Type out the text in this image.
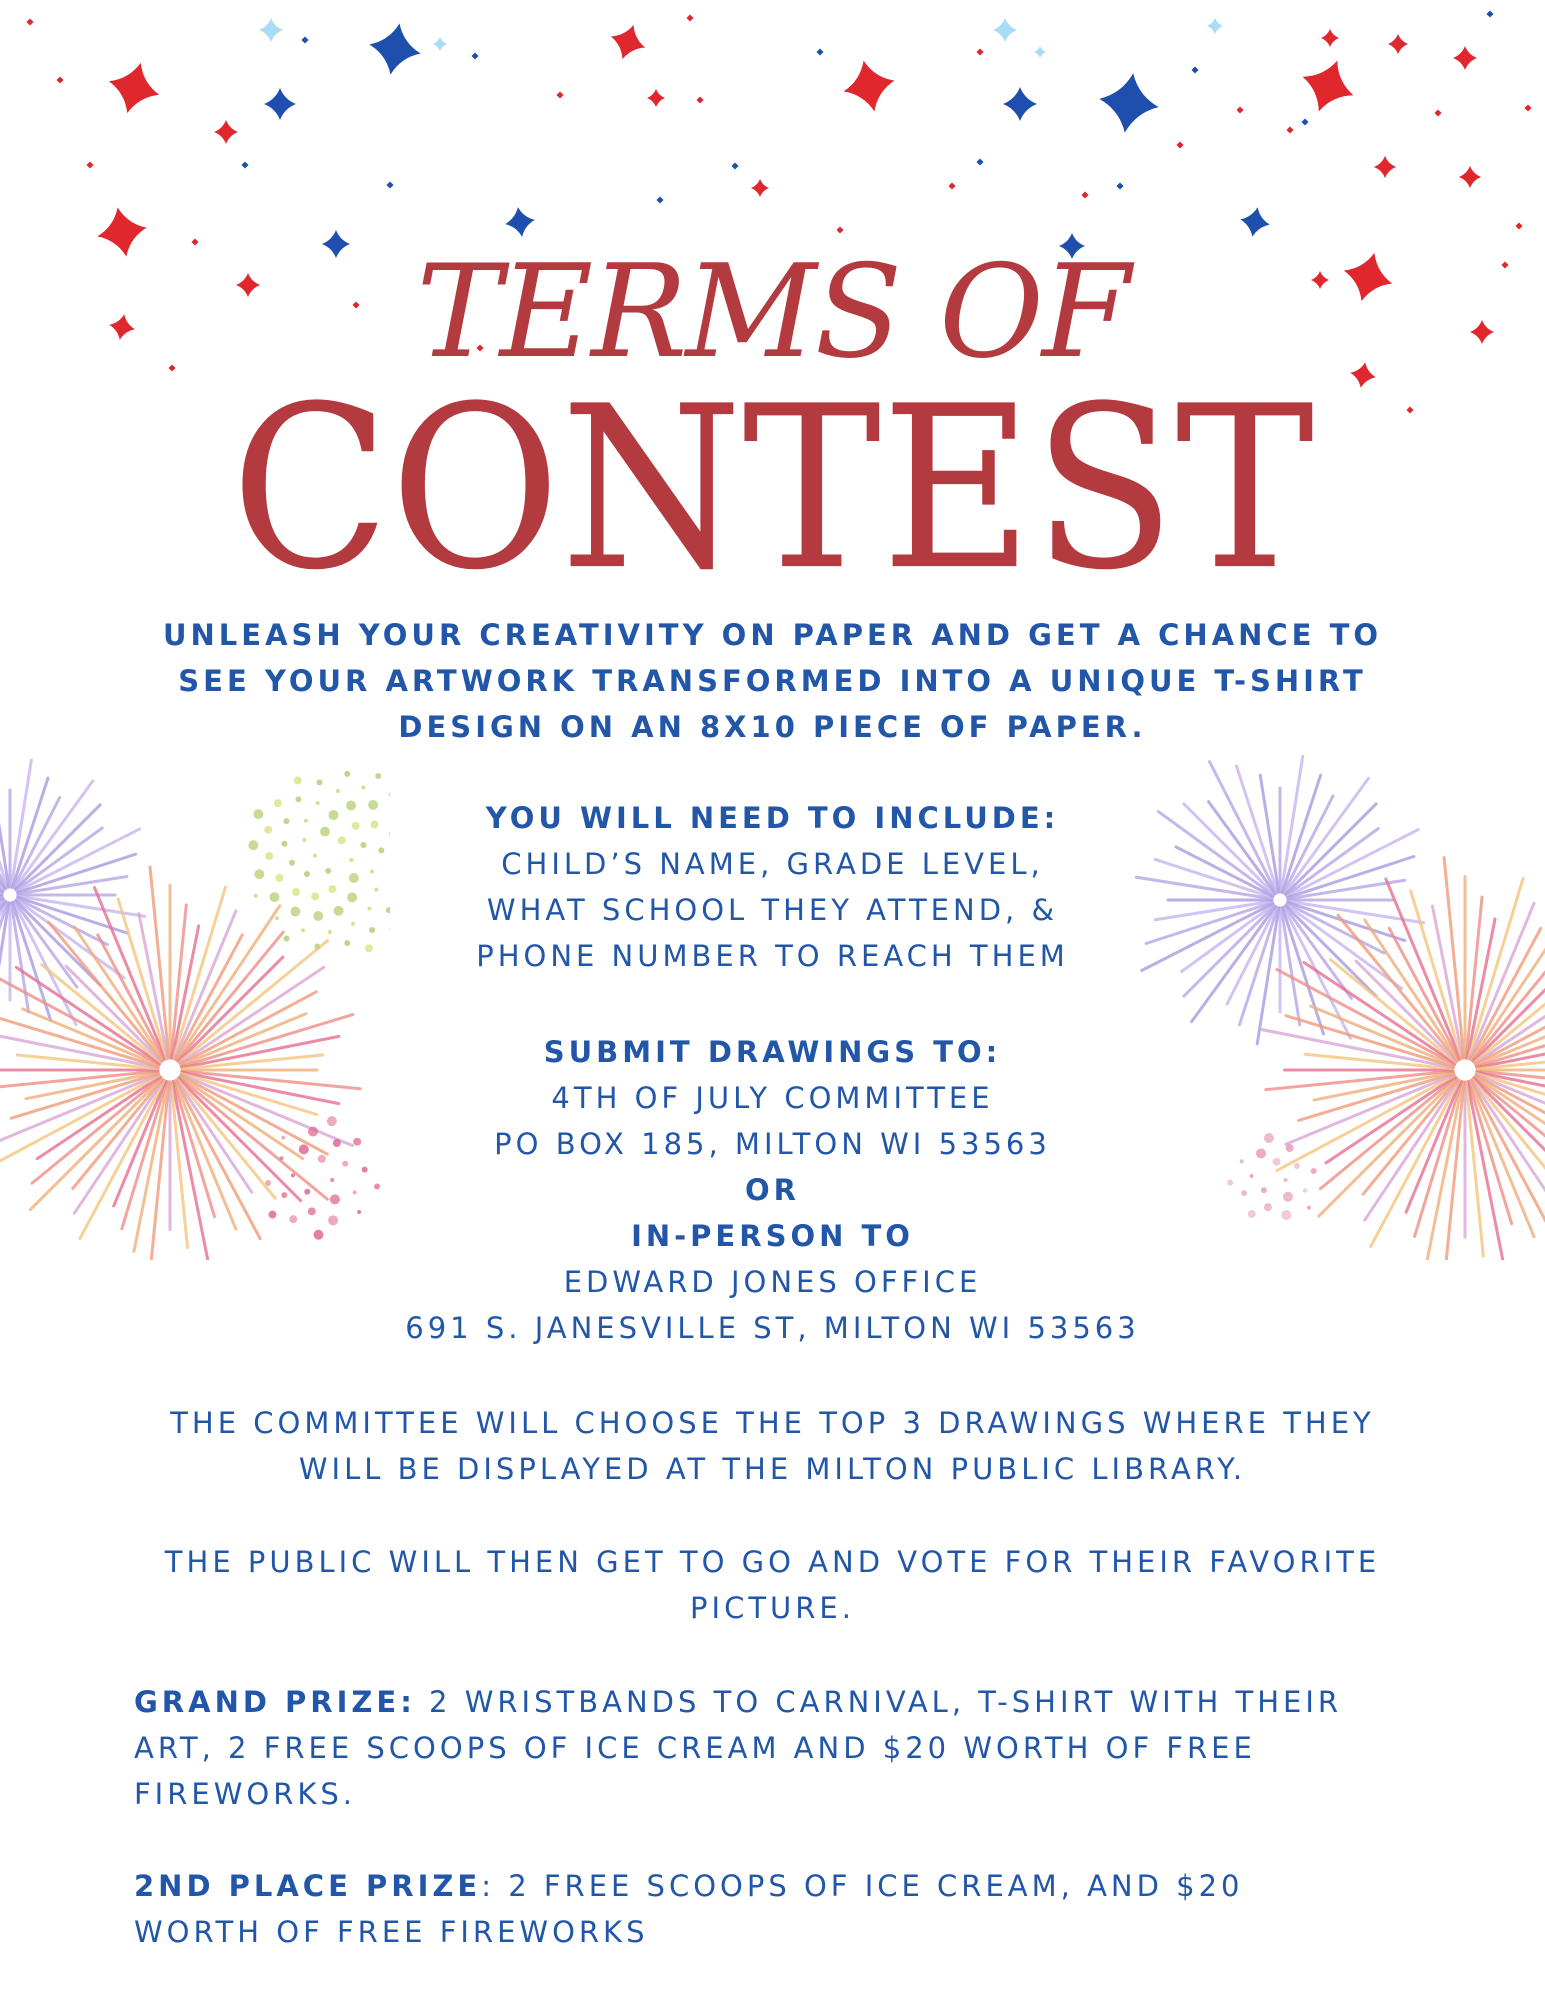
TERMS OF
CONTEST
UNLEASH YOUR CREATIVITY ON PAPER AND GET A CHANCE TO
SEE YOUR ARTWORK TRANSFORMED INTO A UNIQUE T-SHIRT
DESIGN ON AN 8X10 PIECE OF PAPER.
YOU WILL NEED TO INCLUDE:
CHILD’S NAME, GRADE LEVEL,
WHAT SCHOOL THEY ATTEND, &
PHONE NUMBER TO REACH THEM
SUBMIT DRAWINGS TO:
4TH OF JULY COMMITTEE
PO BOX 185, MILTON WI 53563
OR
IN-PERSON TO
EDWARD JONES OFFICE
691 S. JANESVILLE ST, MILTON WI 53563
THE COMMITTEE WILL CHOOSE THE TOP 3 DRAWINGS WHERE THEY
WILL BE DISPLAYED AT THE MILTON PUBLIC LIBRARY.
THE PUBLIC WILL THEN GET TO GO AND VOTE FOR THEIR FAVORITE
PICTURE.
GRAND PRIZE: 2 WRISTBANDS TO CARNIVAL, T-SHIRT WITH THEIR
ART, 2 FREE SCOOPS OF ICE CREAM AND $20 WORTH OF FREE
FIREWORKS.
2ND PLACE PRIZE: 2 FREE SCOOPS OF ICE CREAM, AND $20
WORTH OF FREE FIREWORKS
